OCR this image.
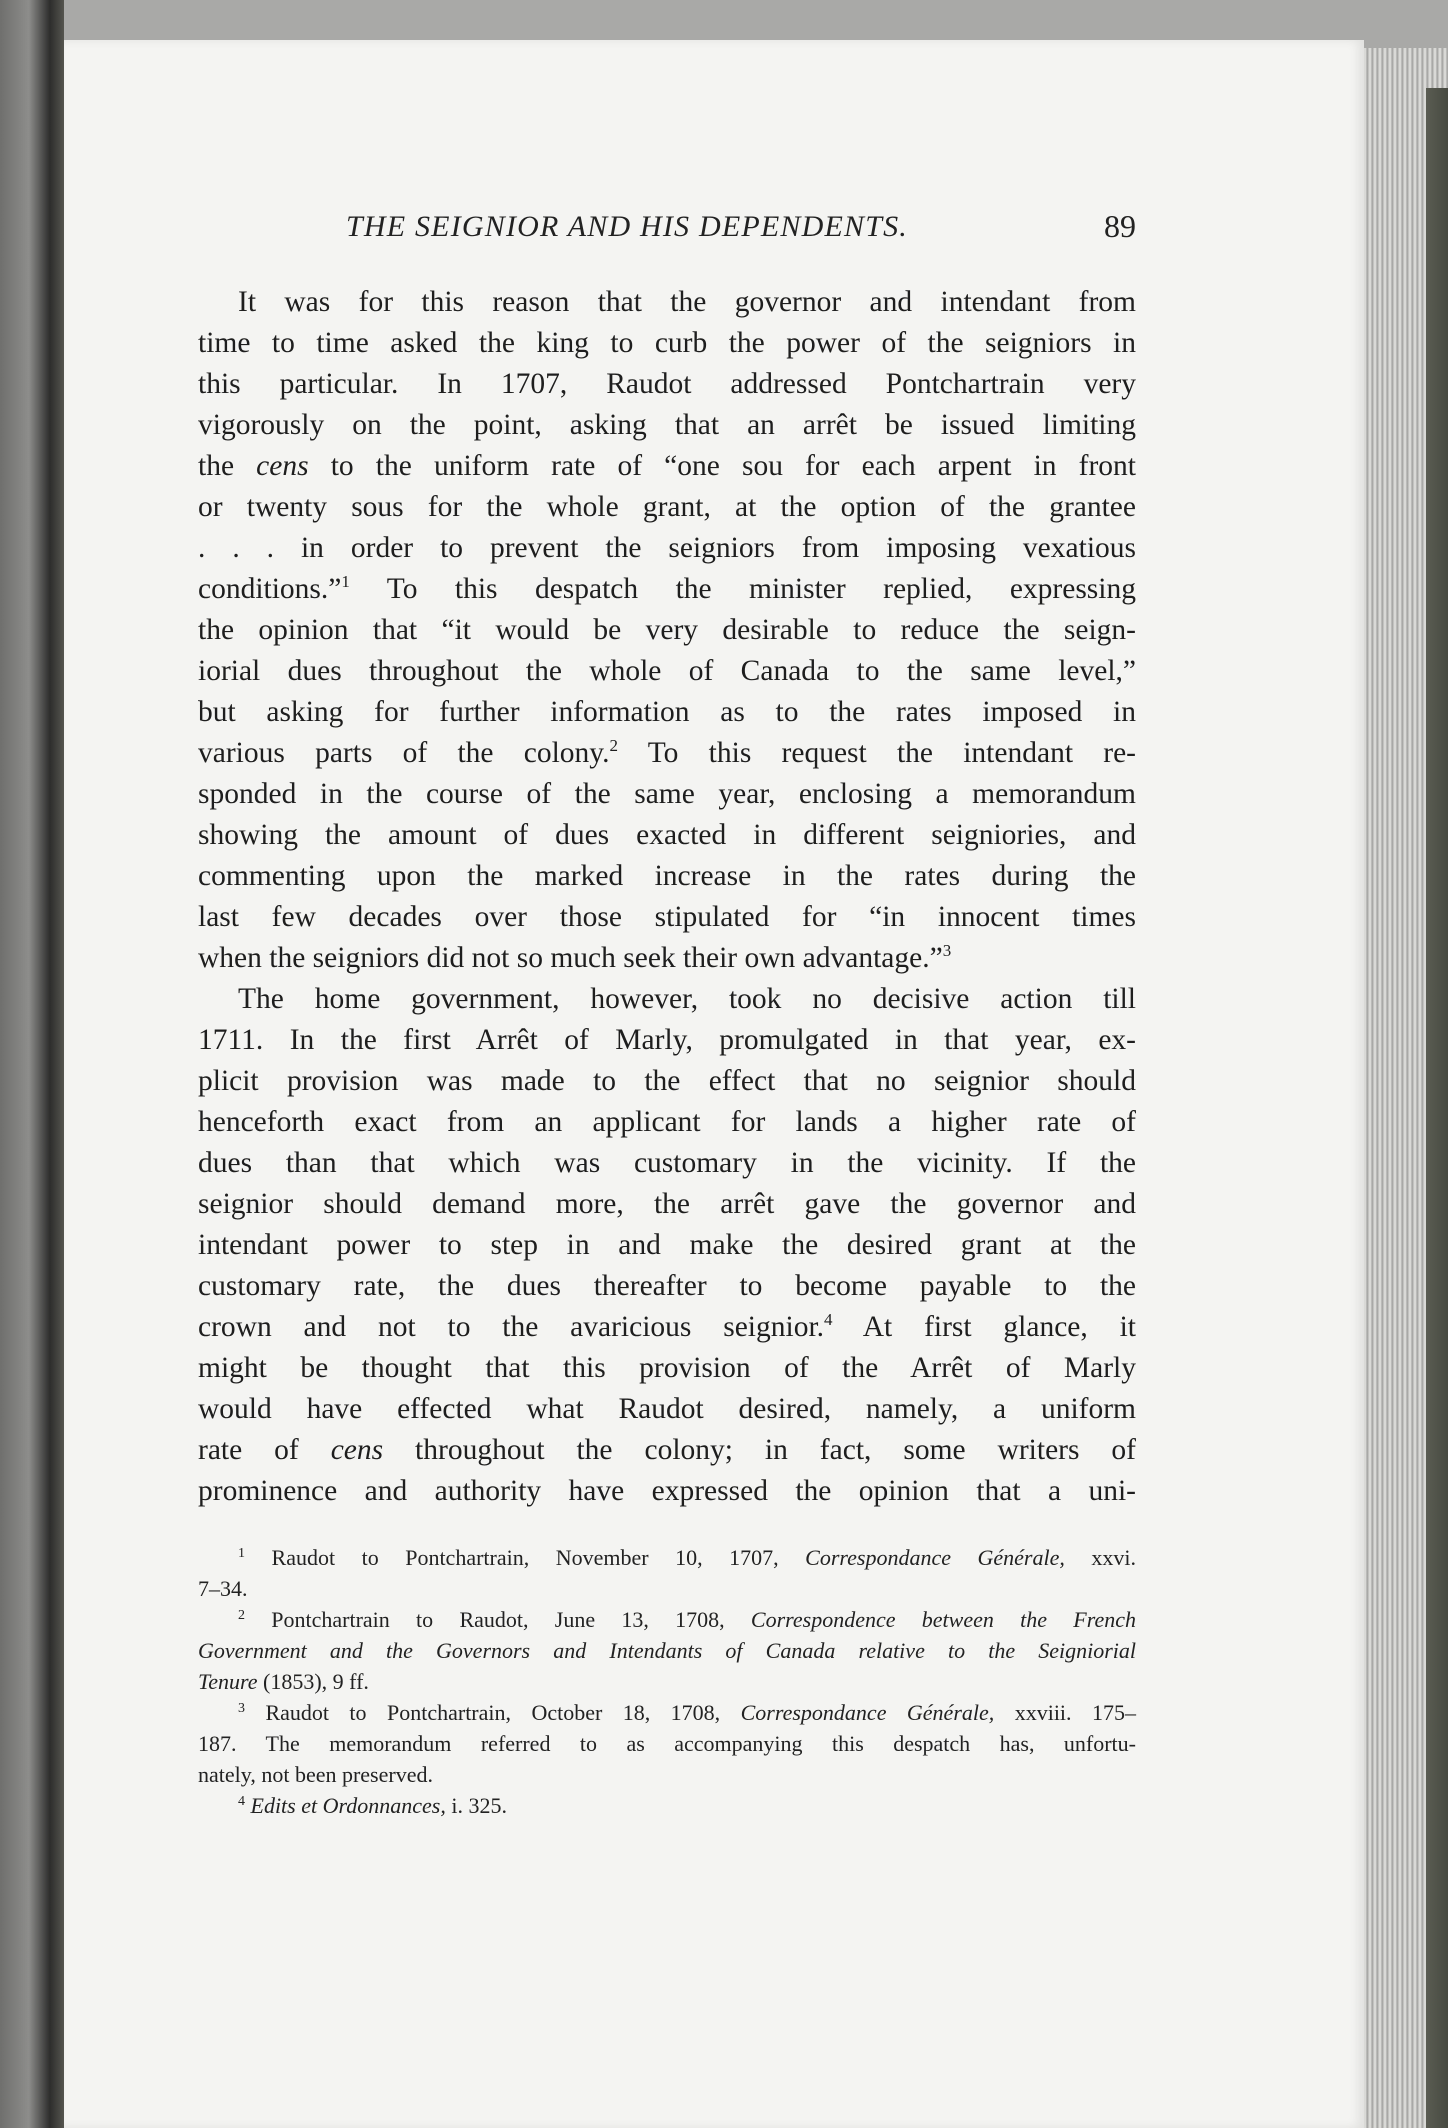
THE SEIGNIOR AND HIS DEPENDENTS.	89
It was for this reason that the governor and intendant from
time to time asked the king to curb the power of the seigniors in
this particular. In 1707, Raudot addressed Pontchartrain very
vigorously on the point, asking that an arrêt be issued limiting
the cens to the uniform rate of “one sou for each arpent in front
or twenty sous for the whole grant, at the option of the grantee
. . . in order to prevent the seigniors from imposing vexatious
conditions.”$^1$ To this despatch the minister replied, expressing
the opinion that “it would be very desirable to reduce the seign-
iorial dues throughout the whole of Canada to the same level,”
but asking for further information as to the rates imposed in
various parts of the colony.$^2$ To this request the intendant re-
sponded in the course of the same year, enclosing a memorandum
showing the amount of dues exacted in different seigniories, and
commenting upon the marked increase in the rates during the
last few decades over those stipulated for “in innocent times
when the seigniors did not so much seek their own advantage.”$^3$
The home government, however, took no decisive action till
1711. In the first Arrêt of Marly, promulgated in that year, ex-
plicit provision was made to the effect that no seignior should
henceforth exact from an applicant for lands a higher rate of
dues than that which was customary in the vicinity. If the
seignior should demand more, the arrêt gave the governor and
intendant power to step in and make the desired grant at the
customary rate, the dues thereafter to become payable to the
crown and not to the avaricious seignior.$^4$ At first glance, it
might be thought that this provision of the Arrêt of Marly
would have effected what Raudot desired, namely, a uniform
rate of cens throughout the colony; in fact, some writers of
prominence and authority have expressed the opinion that a uni-
$^1$ Raudot to Pontchartrain, November 10, 1707, Correspondance Générale, xxvi.
7–34.
$^2$ Pontchartrain to Raudot, June 13, 1708, Correspondence between the French
Government and the Governors and Intendants of Canada relative to the Seigniorial
Tenure (1853), 9 ff.
$^3$ Raudot to Pontchartrain, October 18, 1708, Correspondance Générale, xxviii. 175–
187. The memorandum referred to as accompanying this despatch has, unfortu-
nately, not been preserved.
$^4$ Edits et Ordonnances, i. 325.
